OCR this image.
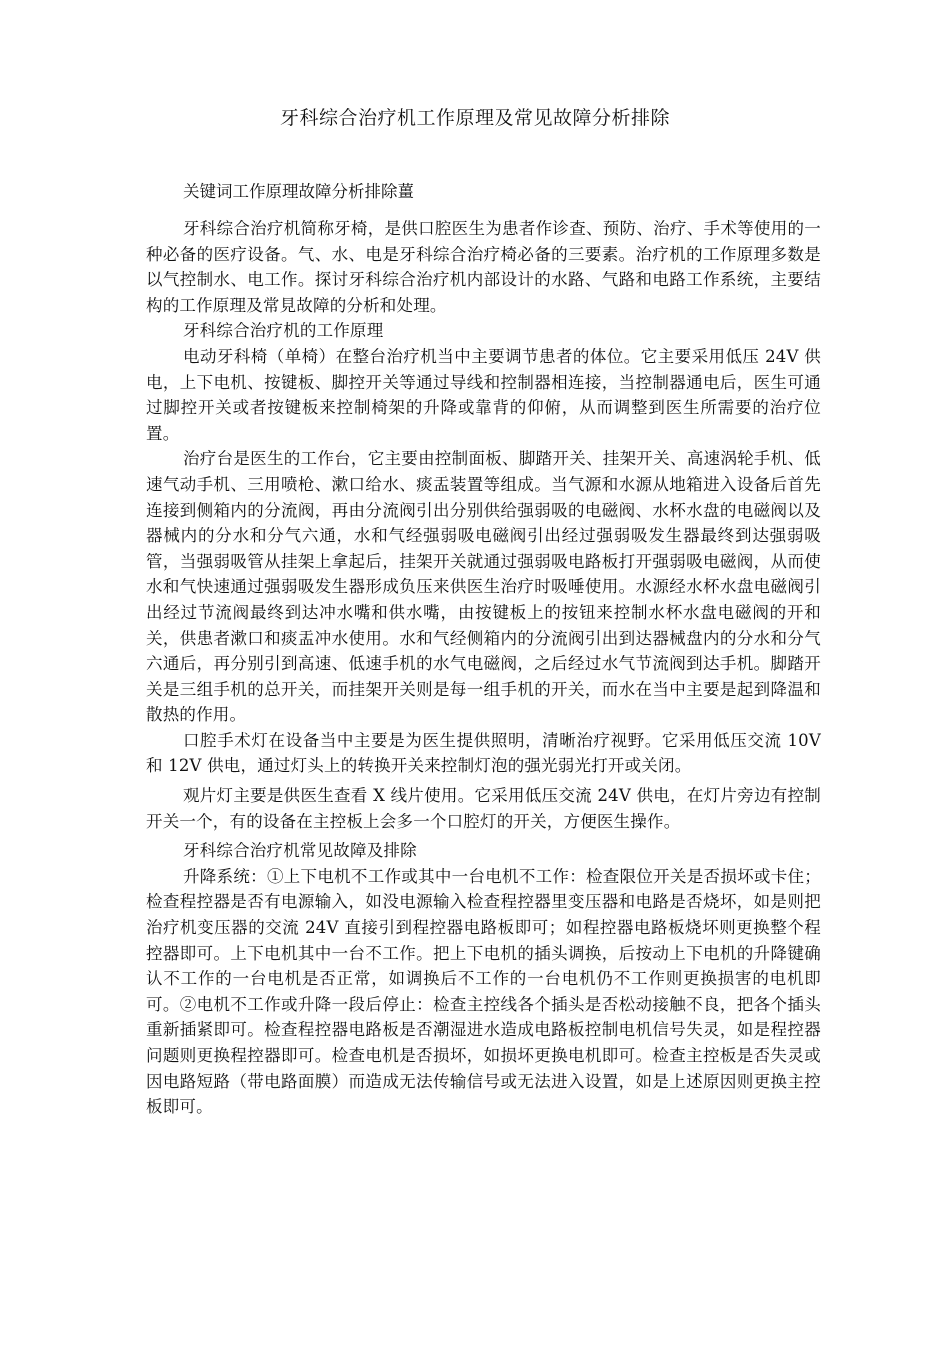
牙科综合治疗机工作原理及常见故障分析排除
关键词工作原理故障分析排除薑

牙科综合治疗机简称牙椅，是供口腔医生为患者作诊查、预防、治疗、手术等使用的一种必备的医疗设备。气、水、电是牙科综合治疗椅必备的三要素。治疗机的工作原理多数是以气控制水、电工作。探讨牙科综合治疗机内部设计的水路、气路和电路工作系统，主要结构的工作原理及常見故障的分析和处理。

牙科综合治疗机的工作原理

电动牙科椅（单椅）在整台治疗机当中主要调节患者的体位。它主要采用低压 24V 供电，上下电机、按键板、脚控开关等通过导线和控制器相连接，当控制器通电后，医生可通过脚控开关或者按键板来控制椅架的升降或靠背的仰俯，从而调整到医生所需要的治疗位置。

治疗台是医生的工作台，它主要由控制面板、脚踏开关、挂架开关、高速涡轮手机、低速气动手机、三用喷枪、漱口给水、痰盂装置等组成。当气源和水源从地箱进入设备后首先连接到侧箱内的分流阀，再由分流阀引出分别供给强弱吸的电磁阀、水杯水盘的电磁阀以及器械内的分水和分气六通，水和气经强弱吸电磁阀引出经过强弱吸发生器最终到达强弱吸管，当强弱吸管从挂架上拿起后，挂架开关就通过强弱吸电路板打开强弱吸电磁阀，从而使水和气快速通过强弱吸发生器形成负压来供医生治疗时吸唾使用。水源经水杯水盘电磁阀引出经过节流阀最终到达冲水嘴和供水嘴，由按键板上的按钮来控制水杯水盘电磁阀的开和关，供患者漱口和痰盂冲水使用。水和气经侧箱内的分流阀引出到达器械盘内的分水和分气六通后，再分别引到高速、低速手机的水气电磁阀，之后经过水气节流阀到达手机。脚踏开关是三组手机的总开关，而挂架开关则是每一组手机的开关，而水在当中主要是起到降温和散热的作用。

口腔手术灯在设备当中主要是为医生提供照明，清晰治疗视野。它采用低压交流 10V 和 12V 供电，通过灯头上的转换开关来控制灯泡的强光弱光打开或关闭。

观片灯主要是供医生查看 X 线片使用。它采用低压交流 24V 供电，在灯片旁边有控制开关一个，有的设备在主控板上会多一个口腔灯的开关，方便医生操作。

牙科综合治疗机常见故障及排除

升降系统：①上下电机不工作或其中一台电机不工作：检查限位开关是否损坏或卡住；检查程控器是否有电源输入，如没电源输入检查程控器里变压器和电路是否烧坏，如是则把治疗机变压器的交流 24V 直接引到程控器电路板即可；如程控器电路板烧坏则更换整个程控器即可。上下电机其中一台不工作。把上下电机的插头调换，后按动上下电机的升降键确认不工作的一台电机是否正常，如调换后不工作的一台电机仍不工作则更换损害的电机即可。②电机不工作或升降一段后停止：检查主控线各个插头是否松动接触不良，把各个插头重新插紧即可。检查程控器电路板是否潮湿进水造成电路板控制电机信号失灵，如是程控器问题则更换程控器即可。检查电机是否损坏，如损坏更换电机即可。检查主控板是否失灵或因电路短路（带电路面膜）而造成无法传输信号或无法进入设置，如是上述原因则更换主控板即可。
